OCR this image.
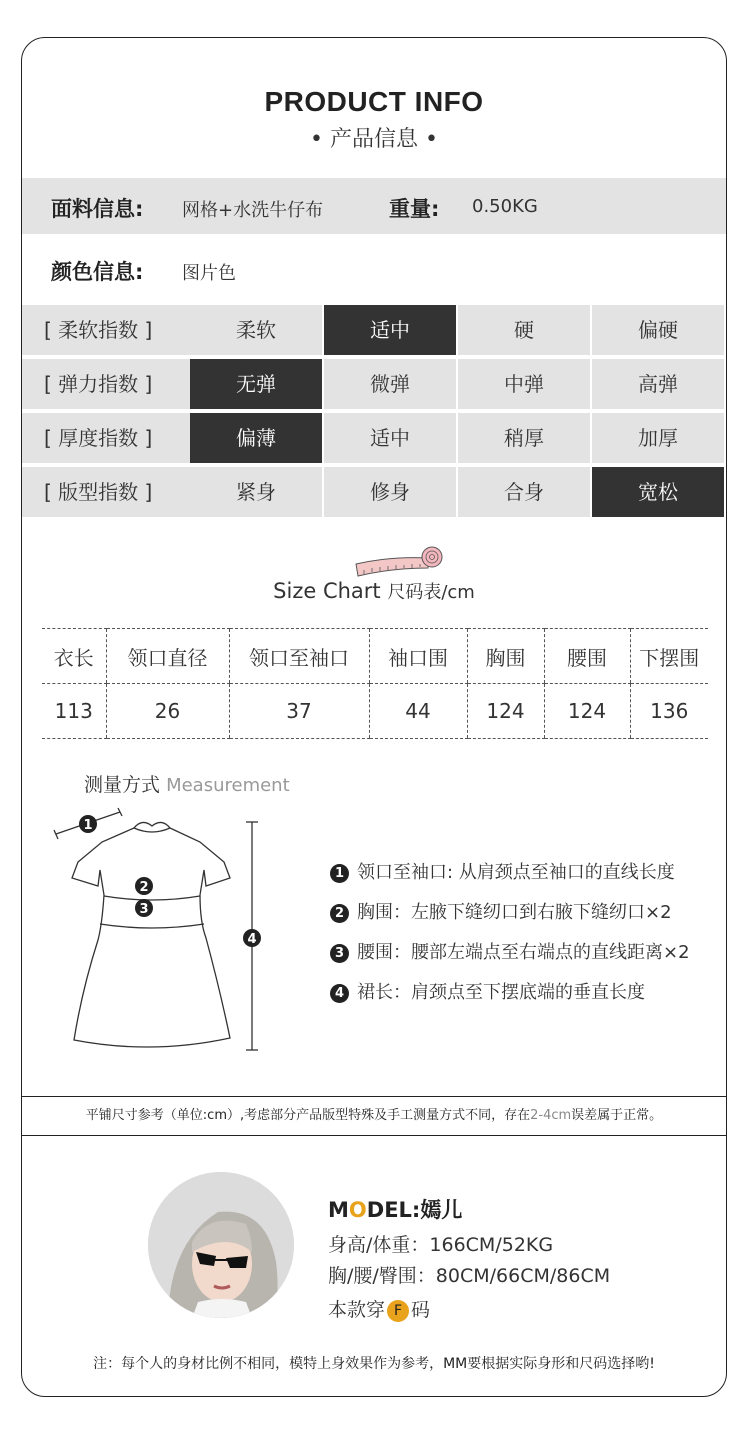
PRODUCT INFO
• 产品信息 •
面料信息: 网格+水洗牛仔布	重量: 0.50KG
颜色信息: 图片色
[ 柔软指数 ]	柔软	适中	硬	偏硬
[ 弹力指数 ]	无弹	微弹	中弹	高弹
[ 厚度指数 ]	偏薄	适中	稍厚	加厚
[ 版型指数 ]	紧身	修身	合身	宽松
Size Chart 尺码表/cm
衣长	领口直径	领口至袖口	袖口围	胸围	腰围	下摆围
113	26	37	44	124	124	136
测量方式 Measurement
1
2
3
4
1 领口至袖口: 从肩颈点至袖口的直线长度
2 胸围：左腋下缝纫口到右腋下缝纫口×2
3 腰围：腰部左端点至右端点的直线距离×2
4 裙长：肩颈点至下摆底端的垂直长度
平铺尺寸参考（单位:cm）,考虑部分产品版型特殊及手工测量方式不同，存在2-4cm误差属于正常。
MODEL:嫣儿
身高/体重：166CM/52KG
胸/腰/臀围：80CM/66CM/86CM
本款穿 F 码
注：每个人的身材比例不相同，模特上身效果作为参考，MM要根据实际身形和尺码选择哟!
